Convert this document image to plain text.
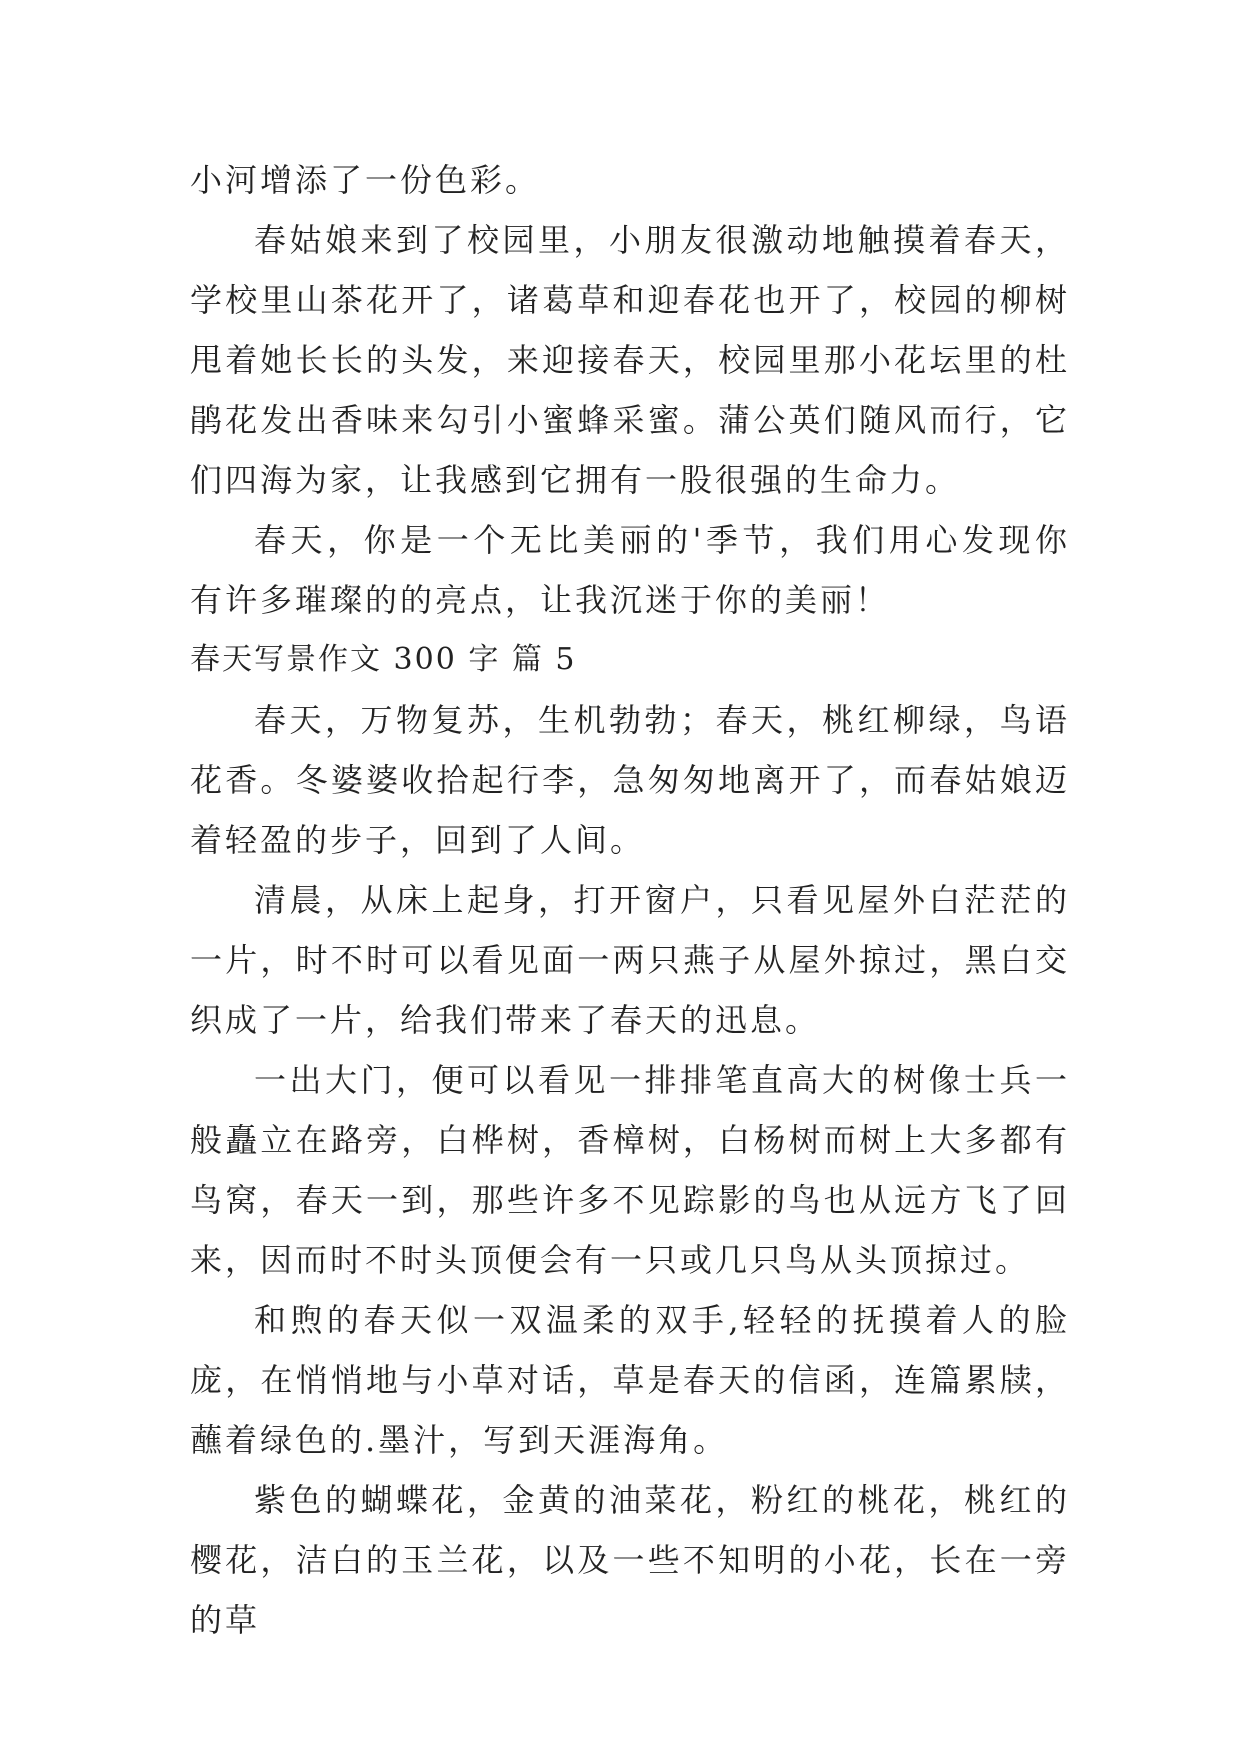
小河增添了一份色彩。

春姑娘来到了校园里，小朋友很激动地触摸着春天，学校里山茶花开了，诸葛草和迎春花也开了，校园的柳树甩着她长长的头发，来迎接春天，校园里那小花坛里的杜鹃花发出香味来勾引小蜜蜂采蜜。蒲公英们随风而行，它们四海为家，让我感到它拥有一股很强的生命力。

春天，你是一个无比美丽的'季节，我们用心发现你有许多璀璨的的亮点，让我沉迷于你的美丽！

春天写景作文 300 字 篇 5

春天，万物复苏，生机勃勃；春天，桃红柳绿，鸟语花香。冬婆婆收拾起行李，急匆匆地离开了，而春姑娘迈着轻盈的步子，回到了人间。

清晨，从床上起身，打开窗户，只看见屋外白茫茫的一片，时不时可以看见面一两只燕子从屋外掠过，黑白交织成了一片，给我们带来了春天的迅息。

一出大门，便可以看见一排排笔直高大的树像士兵一般矗立在路旁，白桦树，香樟树，白杨树而树上大多都有鸟窝，春天一到，那些许多不见踪影的鸟也从远方飞了回来，因而时不时头顶便会有一只或几只鸟从头顶掠过。

和煦的春天似一双温柔的双手,轻轻的抚摸着人的脸庞，在悄悄地与小草对话，草是春天的信函，连篇累牍，蘸着绿色的.墨汁，写到天涯海角。

紫色的蝴蝶花，金黄的油菜花，粉红的桃花，桃红的樱花，洁白的玉兰花，以及一些不知明的小花，长在一旁的草
